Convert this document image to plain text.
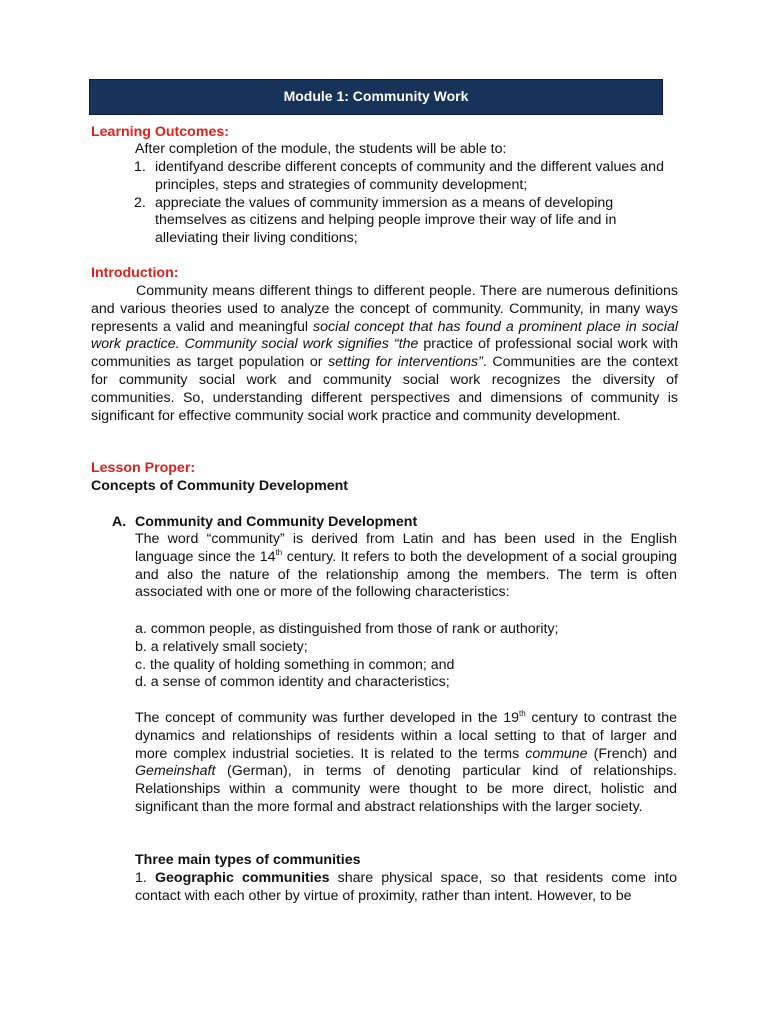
Module 1: Community Work
Learning Outcomes:
After completion of the module, the students will be able to:
1. identifyand describe different concepts of community and the different values and principles, steps and strategies of community development;
2. appreciate the values of community immersion as a means of developing themselves as citizens and helping people improve their way of life and in alleviating their living conditions;
Introduction:

Community means different things to different people. There are numerous definitions and various theories used to analyze the concept of community. Community, in many ways represents a valid and meaningful social concept that has found a prominent place in social work practice. Community social work signifies “the practice of professional social work with communities as target population or setting for interventions”. Communities are the context for community social work and community social work recognizes the diversity of communities. So, understanding different perspectives and dimensions of community is significant for effective community social work practice and community development.

Lesson Proper:
Concepts of Community Development
A. Community and Community Development

The word “community” is derived from Latin and has been used in the English language since the 14th century. It refers to both the development of a social grouping and also the nature of the relationship among the members. The term is often associated with one or more of the following characteristics:

a. common people, as distinguished from those of rank or authority;
b. a relatively small society;
c. the quality of holding something in common; and
d. a sense of common identity and characteristics;

The concept of community was further developed in the 19th century to contrast the dynamics and relationships of residents within a local setting to that of larger and more complex industrial societies. It is related to the terms commune (French) and Gemeinshaft (German), in terms of denoting particular kind of relationships. Relationships within a community were thought to be more direct, holistic and significant than the more formal and abstract relationships with the larger society.

Three main types of communities

1. Geographic communities share physical space, so that residents come into contact with each other by virtue of proximity, rather than intent. However, to be
